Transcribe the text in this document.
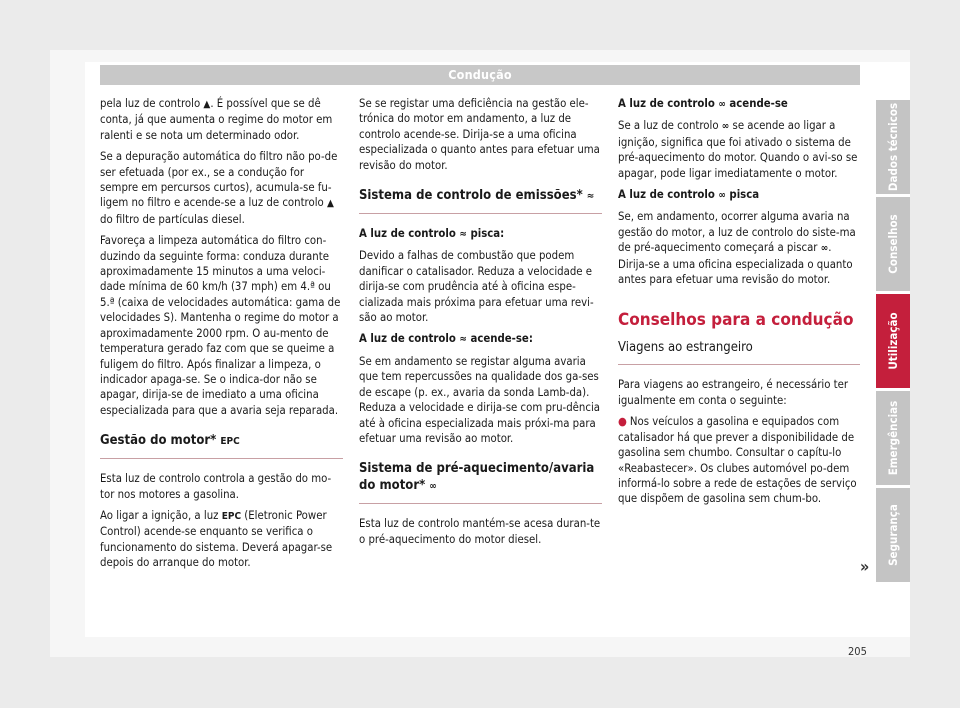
Condução

pela luz de controlo ▲. É possível que se dê conta, já que aumenta o regime do motor em ralenti e se nota um determinado odor.

Se a depuração automática do filtro não po-de ser efetuada (por ex., se a condução for sempre em percursos curtos), acumula-se fu-ligem no filtro e acende-se a luz de controlo ▲ do filtro de partículas diesel.

Favoreça a limpeza automática do filtro con-duzindo da seguinte forma: conduza durante aproximadamente 15 minutos a uma veloci-dade mínima de 60 km/h (37 mph) em 4.ª ou 5.ª (caixa de velocidades automática: gama de velocidades S). Mantenha o regime do motor a aproximadamente 2000 rpm. O au-mento de temperatura gerado faz com que se queime a fuligem do filtro. Após finalizar a limpeza, o indicador apaga-se. Se o indica-dor não se apagar, dirija-se de imediato a uma oficina especializada para que a avaria seja reparada.

Gestão do motor* EPC

Esta luz de controlo controla a gestão do mo-tor nos motores a gasolina.

Ao ligar a ignição, a luz EPC (Eletronic Power Control) acende-se enquanto se verifica o funcionamento do sistema. Deverá apagar-se depois do arranque do motor.

Se se registar uma deficiência na gestão ele-trónica do motor em andamento, a luz de controlo acende-se. Dirija-se a uma oficina especializada o quanto antes para efetuar uma revisão do motor.

Sistema de controlo de emissões* ≈

A luz de controlo ≈ pisca:

Devido a falhas de combustão que podem danificar o catalisador. Reduza a velocidade e dirija-se com prudência até à oficina espe-cializada mais próxima para efetuar uma revi-são ao motor.

A luz de controlo ≈ acende-se:

Se em andamento se registar alguma avaria que tem repercussões na qualidade dos ga-ses de escape (p. ex., avaria da sonda Lamb-da). Reduza a velocidade e dirija-se com pru-dência até à oficina especializada mais próxi-ma para efetuar uma revisão ao motor.

Sistema de pré-aquecimento/avaria do motor* ∞

Esta luz de controlo mantém-se acesa duran-te o pré-aquecimento do motor diesel.

A luz de controlo ∞ acende-se

Se a luz de controlo ∞ se acende ao ligar a ignição, significa que foi ativado o sistema de pré-aquecimento do motor. Quando o avi-so se apagar, pode ligar imediatamente o motor.

A luz de controlo ∞ pisca

Se, em andamento, ocorrer alguma avaria na gestão do motor, a luz de controlo do siste-ma de pré-aquecimento começará a piscar ∞. Dirija-se a uma oficina especializada o quanto antes para efetuar uma revisão do motor.

Conselhos para a condução
Viagens ao estrangeiro

Para viagens ao estrangeiro, é necessário ter igualmente em conta o seguinte:

● Nos veículos a gasolina e equipados com catalisador há que prever a disponibilidade de gasolina sem chumbo. Consultar o capítu-lo «Reabastecer». Os clubes automóvel po-dem informá-lo sobre a rede de estações de serviço que dispõem de gasolina sem chum-bo.

»
Dados técnicos
Conselhos
Utilização
Emergências
Segurança
205
